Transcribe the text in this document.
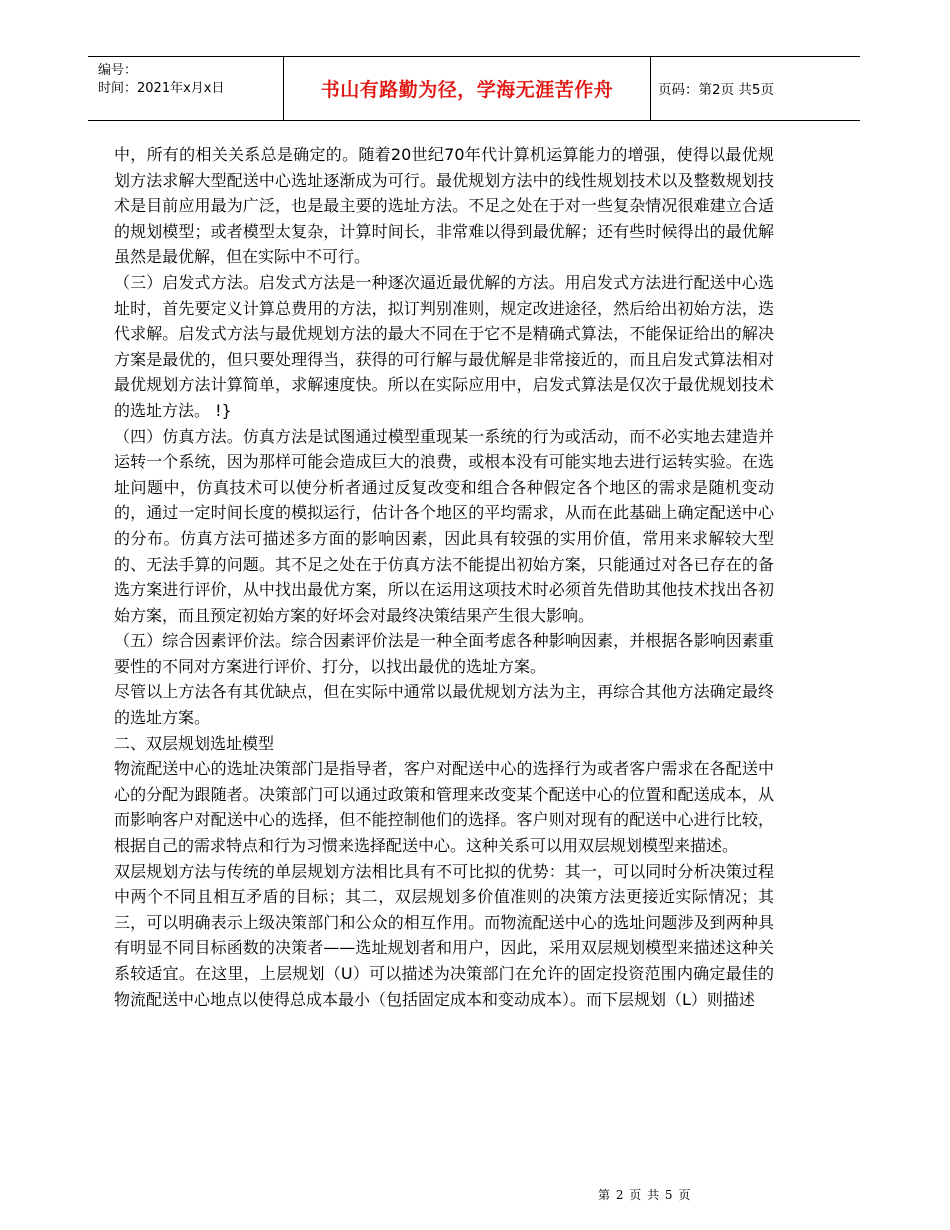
编号：
时间：2021年x月x日	书山有路勤为径，学海无涯苦作舟	页码：第2页 共5页

中，所有的相关关系总是确定的。随着20世纪70年代计算机运算能力的增强，使得以最优规划方法求解大型配送中心选址逐渐成为可行。最优规划方法中的线性规划技术以及整数规划技术是目前应用最为广泛，也是最主要的选址方法。不足之处在于对一些复杂情况很难建立合适的规划模型；或者模型太复杂，计算时间长，非常难以得到最优解；还有些时候得出的最优解虽然是最优解，但在实际中不可行。

（三）启发式方法。启发式方法是一种逐次逼近最优解的方法。用启发式方法进行配送中心选址时，首先要定义计算总费用的方法，拟订判别准则，规定改进途径，然后给出初始方法，迭代求解。启发式方法与最优规划方法的最大不同在于它不是精确式算法，不能保证给出的解决方案是最优的，但只要处理得当，获得的可行解与最优解是非常接近的，而且启发式算法相对最优规划方法计算简单，求解速度快。所以在实际应用中，启发式算法是仅次于最优规划技术的选址方法。 !}

（四）仿真方法。仿真方法是试图通过模型重现某一系统的行为或活动，而不必实地去建造并运转一个系统，因为那样可能会造成巨大的浪费，或根本没有可能实地去进行运转实验。在选址问题中，仿真技术可以使分析者通过反复改变和组合各种假定各个地区的需求是随机变动的，通过一定时间长度的模拟运行，估计各个地区的平均需求，从而在此基础上确定配送中心的分布。仿真方法可描述多方面的影响因素，因此具有较强的实用价值，常用来求解较大型的、无法手算的问题。其不足之处在于仿真方法不能提出初始方案，只能通过对各已存在的备选方案进行评价，从中找出最优方案，所以在运用这项技术时必须首先借助其他技术找出各初始方案，而且预定初始方案的好坏会对最终决策结果产生很大影响。

（五）综合因素评价法。综合因素评价法是一种全面考虑各种影响因素，并根据各影响因素重要性的不同对方案进行评价、打分，以找出最优的选址方案。

尽管以上方法各有其优缺点，但在实际中通常以最优规划方法为主，再综合其他方法确定最终的选址方案。

二、双层规划选址模型

物流配送中心的选址决策部门是指导者，客户对配送中心的选择行为或者客户需求在各配送中心的分配为跟随者。决策部门可以通过政策和管理来改变某个配送中心的位置和配送成本，从而影响客户对配送中心的选择，但不能控制他们的选择。客户则对现有的配送中心进行比较，根据自己的需求特点和行为习惯来选择配送中心。这种关系可以用双层规划模型来描述。

双层规划方法与传统的单层规划方法相比具有不可比拟的优势：其一，可以同时分析决策过程中两个不同且相互矛盾的目标；其二，双层规划多价值准则的决策方法更接近实际情况；其三，可以明确表示上级决策部门和公众的相互作用。而物流配送中心的选址问题涉及到两种具有明显不同目标函数的决策者——选址规划者和用户，因此，采用双层规划模型来描述这种关系较适宜。在这里，上层规划（U）可以描述为决策部门在允许的固定投资范围内确定最佳的物流配送中心地点以使得总成本最小（包括固定成本和变动成本）。而下层规划（L）则描述

第 2 页 共 5 页
